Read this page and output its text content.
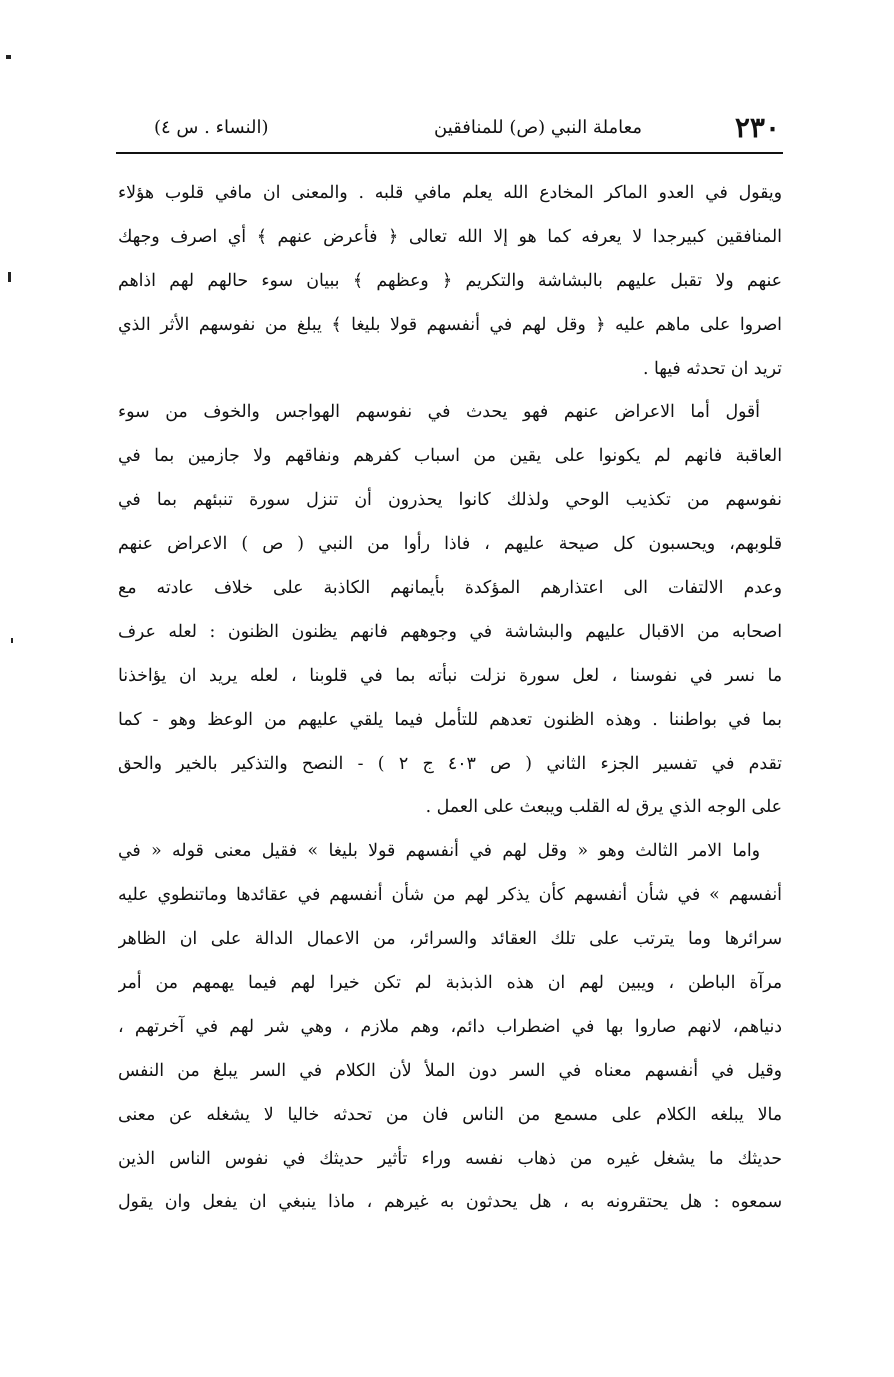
٢٣٠
معاملة النبي (ص) للمنافقين
(النساء . س ٤)
ويقول في العدو الماكر المخادع الله يعلم مافي قلبه . والمعنى ان مافي قلوب هؤلاء
المنافقين كبيرجدا لا يعرفه كما هو إلا الله تعالى ﴿ فأعرض عنهم ﴾ أي اصرف وجهك
عنهم ولا تقبل عليهم بالبشاشة والتكريم ﴿ وعظهم ﴾ ببيان سوء حالهم لهم اذاهم
اصروا على ماهم عليه ﴿ وقل لهم في أنفسهم قولا بليغا ﴾ يبلغ من نفوسهم الأثر الذي
تريد ان تحدثه فيها .
أقول أما الاعراض عنهم فهو يحدث في نفوسهم الهواجس والخوف من سوء
العاقبة فانهم لم يكونوا على يقين من اسباب كفرهم ونفاقهم ولا جازمين بما في
نفوسهم من تكذيب الوحي ولذلك كانوا يحذرون أن تنزل سورة تنبئهم بما في
قلوبهم، ويحسبون كل صيحة عليهم ، فاذا رأوا من النبي ( ص ) الاعراض عنهم
وعدم الالتفات الى اعتذارهم المؤكدة بأيمانهم الكاذبة على خلاف عادته مع
اصحابه من الاقبال عليهم والبشاشة في وجوههم فانهم يظنون الظنون : لعله عرف
ما نسر في نفوسنا ، لعل سورة نزلت نبأته بما في قلوبنا ، لعله يريد ان يؤاخذنا
بما في بواطننا . وهذه الظنون تعدهم للتأمل فيما يلقي عليهم من الوعظ وهو - كما
تقدم في تفسير الجزء الثاني ( ص ٤٠٣ ج ٢ ) - النصح والتذكير بالخير والحق
على الوجه الذي يرق له القلب ويبعث على العمل .
واما الامر الثالث وهو « وقل لهم في أنفسهم قولا بليغا » فقيل معنى قوله « في
أنفسهم » في شأن أنفسهم كأن يذكر لهم من شأن أنفسهم في عقائدها وماتنطوي عليه
سرائرها وما يترتب على تلك العقائد والسرائر، من الاعمال الدالة على ان الظاهر
مرآة الباطن ، ويبين لهم ان هذه الذبذبة لم تكن خيرا لهم فيما يهمهم من أمر
دنياهم، لانهم صاروا بها في اضطراب دائم، وهم ملازم ، وهي شر لهم في آخرتهم ،
وقيل في أنفسهم معناه في السر دون الملأ لأن الكلام في السر يبلغ من النفس
مالا يبلغه الكلام على مسمع من الناس فان من تحدثه خاليا لا يشغله عن معنى
حديثك ما يشغل غيره من ذهاب نفسه وراء تأثير حديثك في نفوس الناس الذين
سمعوه : هل يحتقرونه به ، هل يحدثون به غيرهم ، ماذا ينبغي ان يفعل وان يقول
